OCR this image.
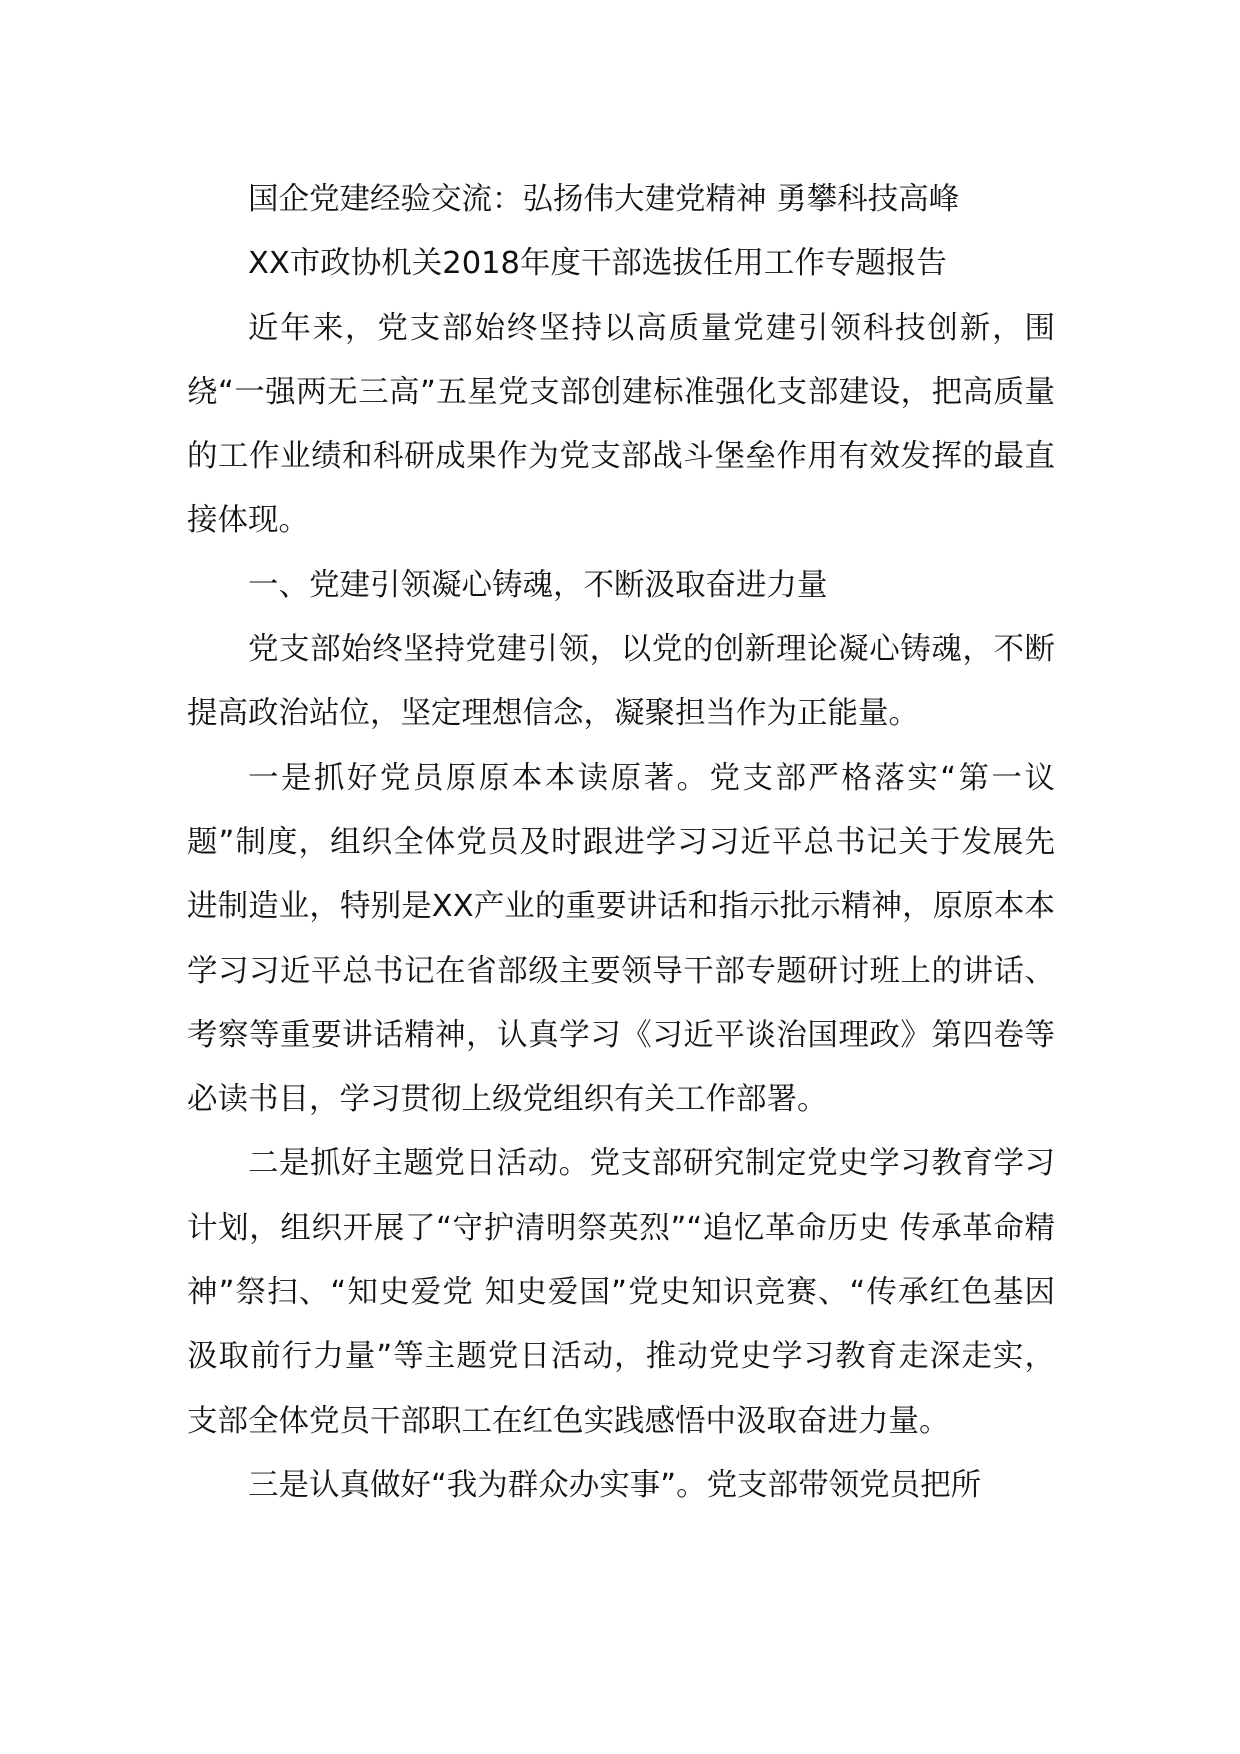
国企党建经验交流：弘扬伟大建党精神 勇攀科技高峰

XX市政协机关2018年度干部选拔任用工作专题报告

近年来，党支部始终坚持以高质量党建引领科技创新，围绕“一强两无三高”五星党支部创建标准强化支部建设，把高质量的工作业绩和科研成果作为党支部战斗堡垒作用有效发挥的最直接体现。

一、党建引领凝心铸魂，不断汲取奋进力量

党支部始终坚持党建引领，以党的创新理论凝心铸魂，不断提高政治站位，坚定理想信念，凝聚担当作为正能量。

一是抓好党员原原本本读原著。党支部严格落实“第一议题”制度，组织全体党员及时跟进学习习近平总书记关于发展先进制造业，特别是XX产业的重要讲话和指示批示精神，原原本本学习习近平总书记在省部级主要领导干部专题研讨班上的讲话、考察等重要讲话精神，认真学习《习近平谈治国理政》第四卷等必读书目，学习贯彻上级党组织有关工作部署。

二是抓好主题党日活动。党支部研究制定党史学习教育学习计划，组织开展了“守护清明祭英烈”“追忆革命历史 传承革命精神”祭扫、“知史爱党 知史爱国”党史知识竞赛、“传承红色基因 汲取前行力量”等主题党日活动，推动党史学习教育走深走实，支部全体党员干部职工在红色实践感悟中汲取奋进力量。

三是认真做好“我为群众办实事”。党支部带领党员把所
